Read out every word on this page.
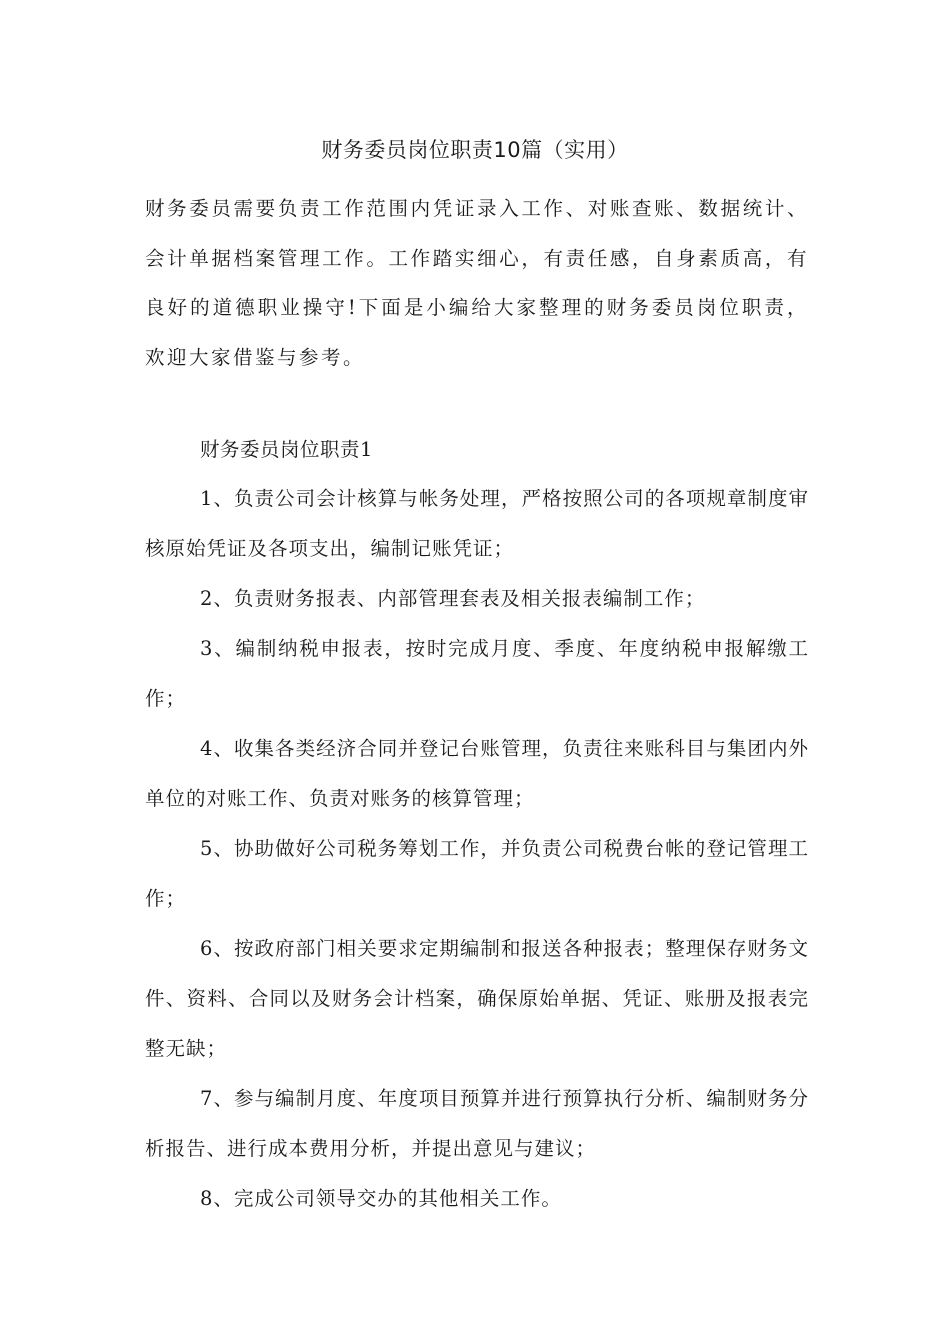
财务委员岗位职责10篇（实用）
财务委员需要负责工作范围内凭证录入工作、对账查账、数据统计、会计单据档案管理工作。工作踏实细心，有责任感，自身素质高，有良好的道德职业操守!下面是小编给大家整理的财务委员岗位职责，欢迎大家借鉴与参考。
财务委员岗位职责1
1、负责公司会计核算与帐务处理，严格按照公司的各项规章制度审核原始凭证及各项支出，编制记账凭证；
2、负责财务报表、内部管理套表及相关报表编制工作；
3、编制纳税申报表，按时完成月度、季度、年度纳税申报解缴工作；
4、收集各类经济合同并登记台账管理，负责往来账科目与集团内外单位的对账工作、负责对账务的核算管理；
5、协助做好公司税务筹划工作，并负责公司税费台帐的登记管理工作；
6、按政府部门相关要求定期编制和报送各种报表；整理保存财务文件、资料、合同以及财务会计档案，确保原始单据、凭证、账册及报表完整无缺；
7、参与编制月度、年度项目预算并进行预算执行分析、编制财务分析报告、进行成本费用分析，并提出意见与建议；
8、完成公司领导交办的其他相关工作。
